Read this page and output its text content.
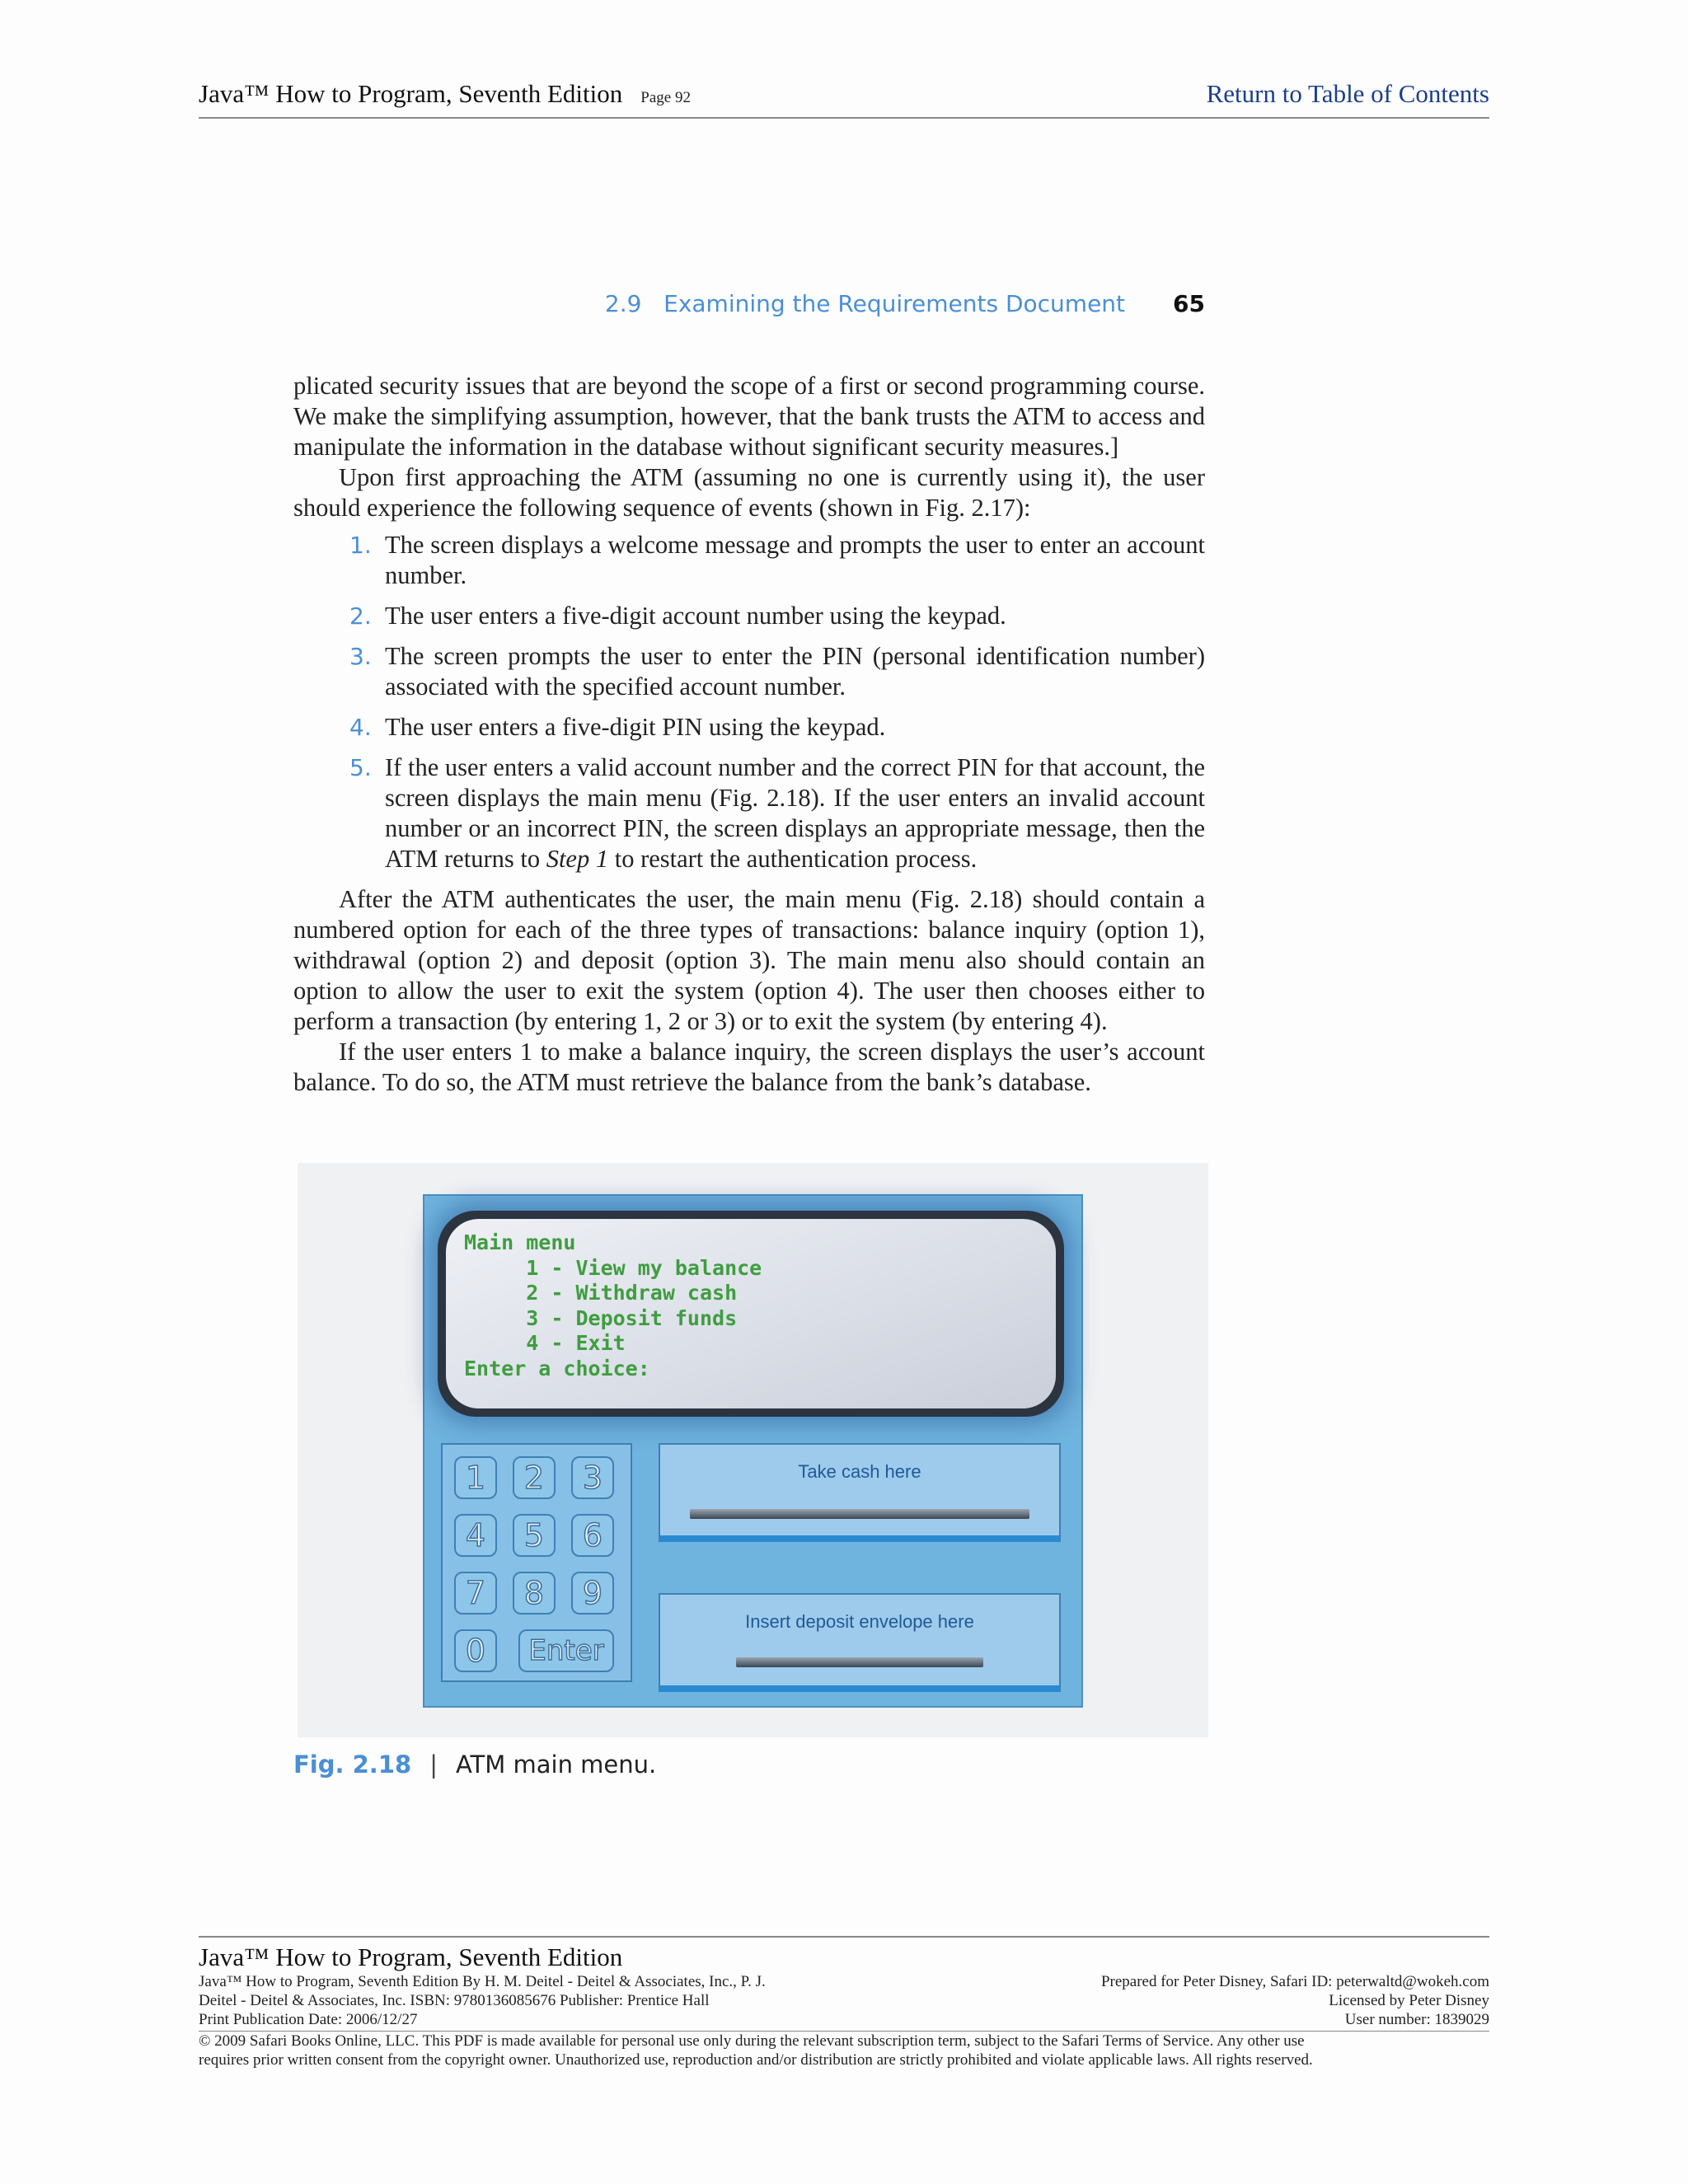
Java™ How to Program, Seventh Edition Page 92	Return to Table of Contents
2.9   Examining the Requirements Document 65

plicated security issues that are beyond the scope of a first or second programming course. We make the simplifying assumption, however, that the bank trusts the ATM to access and manipulate the information in the database without significant security measures.]

Upon first approaching the ATM (assuming no one is currently using it), the user should experience the following sequence of events (shown in Fig. 2.17):

1. The screen displays a welcome message and prompts the user to enter an account number.
2. The user enters a five-digit account number using the keypad.
3. The screen prompts the user to enter the PIN (personal identification number) associated with the specified account number.
4. The user enters a five-digit PIN using the keypad.
5. If the user enters a valid account number and the correct PIN for that account, the screen displays the main menu (Fig. 2.18). If the user enters an invalid account number or an incorrect PIN, the screen displays an appropriate message, then the ATM returns to Step 1 to restart the authentication process.

After the ATM authenticates the user, the main menu (Fig. 2.18) should contain a numbered option for each of the three types of transactions: balance inquiry (option 1), withdrawal (option 2) and deposit (option 3). The main menu also should contain an option to allow the user to exit the system (option 4). The user then chooses either to perform a transaction (by entering 1, 2 or 3) or to exit the system (by entering 4).

If the user enters 1 to make a balance inquiry, the screen displays the user’s account balance. To do so, the ATM must retrieve the balance from the bank’s database.

Main menu
1 - View my balance
2 - Withdraw cash
3 - Deposit funds
4 - Exit
Enter a choice:
1	2	3
4	5	6
7	8	9
0	Enter
Take cash here
Insert deposit envelope here
Fig. 2.18 | ATM main menu.
Java™ How to Program, Seventh Edition
Java™ How to Program, Seventh Edition By H. M. Deitel - Deitel & Associates, Inc., P. J.	Prepared for Peter Disney, Safari ID: peterwaltd@wokeh.com
Deitel - Deitel & Associates, Inc. ISBN: 9780136085676 Publisher: Prentice Hall	Licensed by Peter Disney
Print Publication Date: 2006/12/27	User number: 1839029
© 2009 Safari Books Online, LLC. This PDF is made available for personal use only during the relevant subscription term, subject to the Safari Terms of Service. Any other use
requires prior written consent from the copyright owner. Unauthorized use, reproduction and/or distribution are strictly prohibited and violate applicable laws. All rights reserved.
